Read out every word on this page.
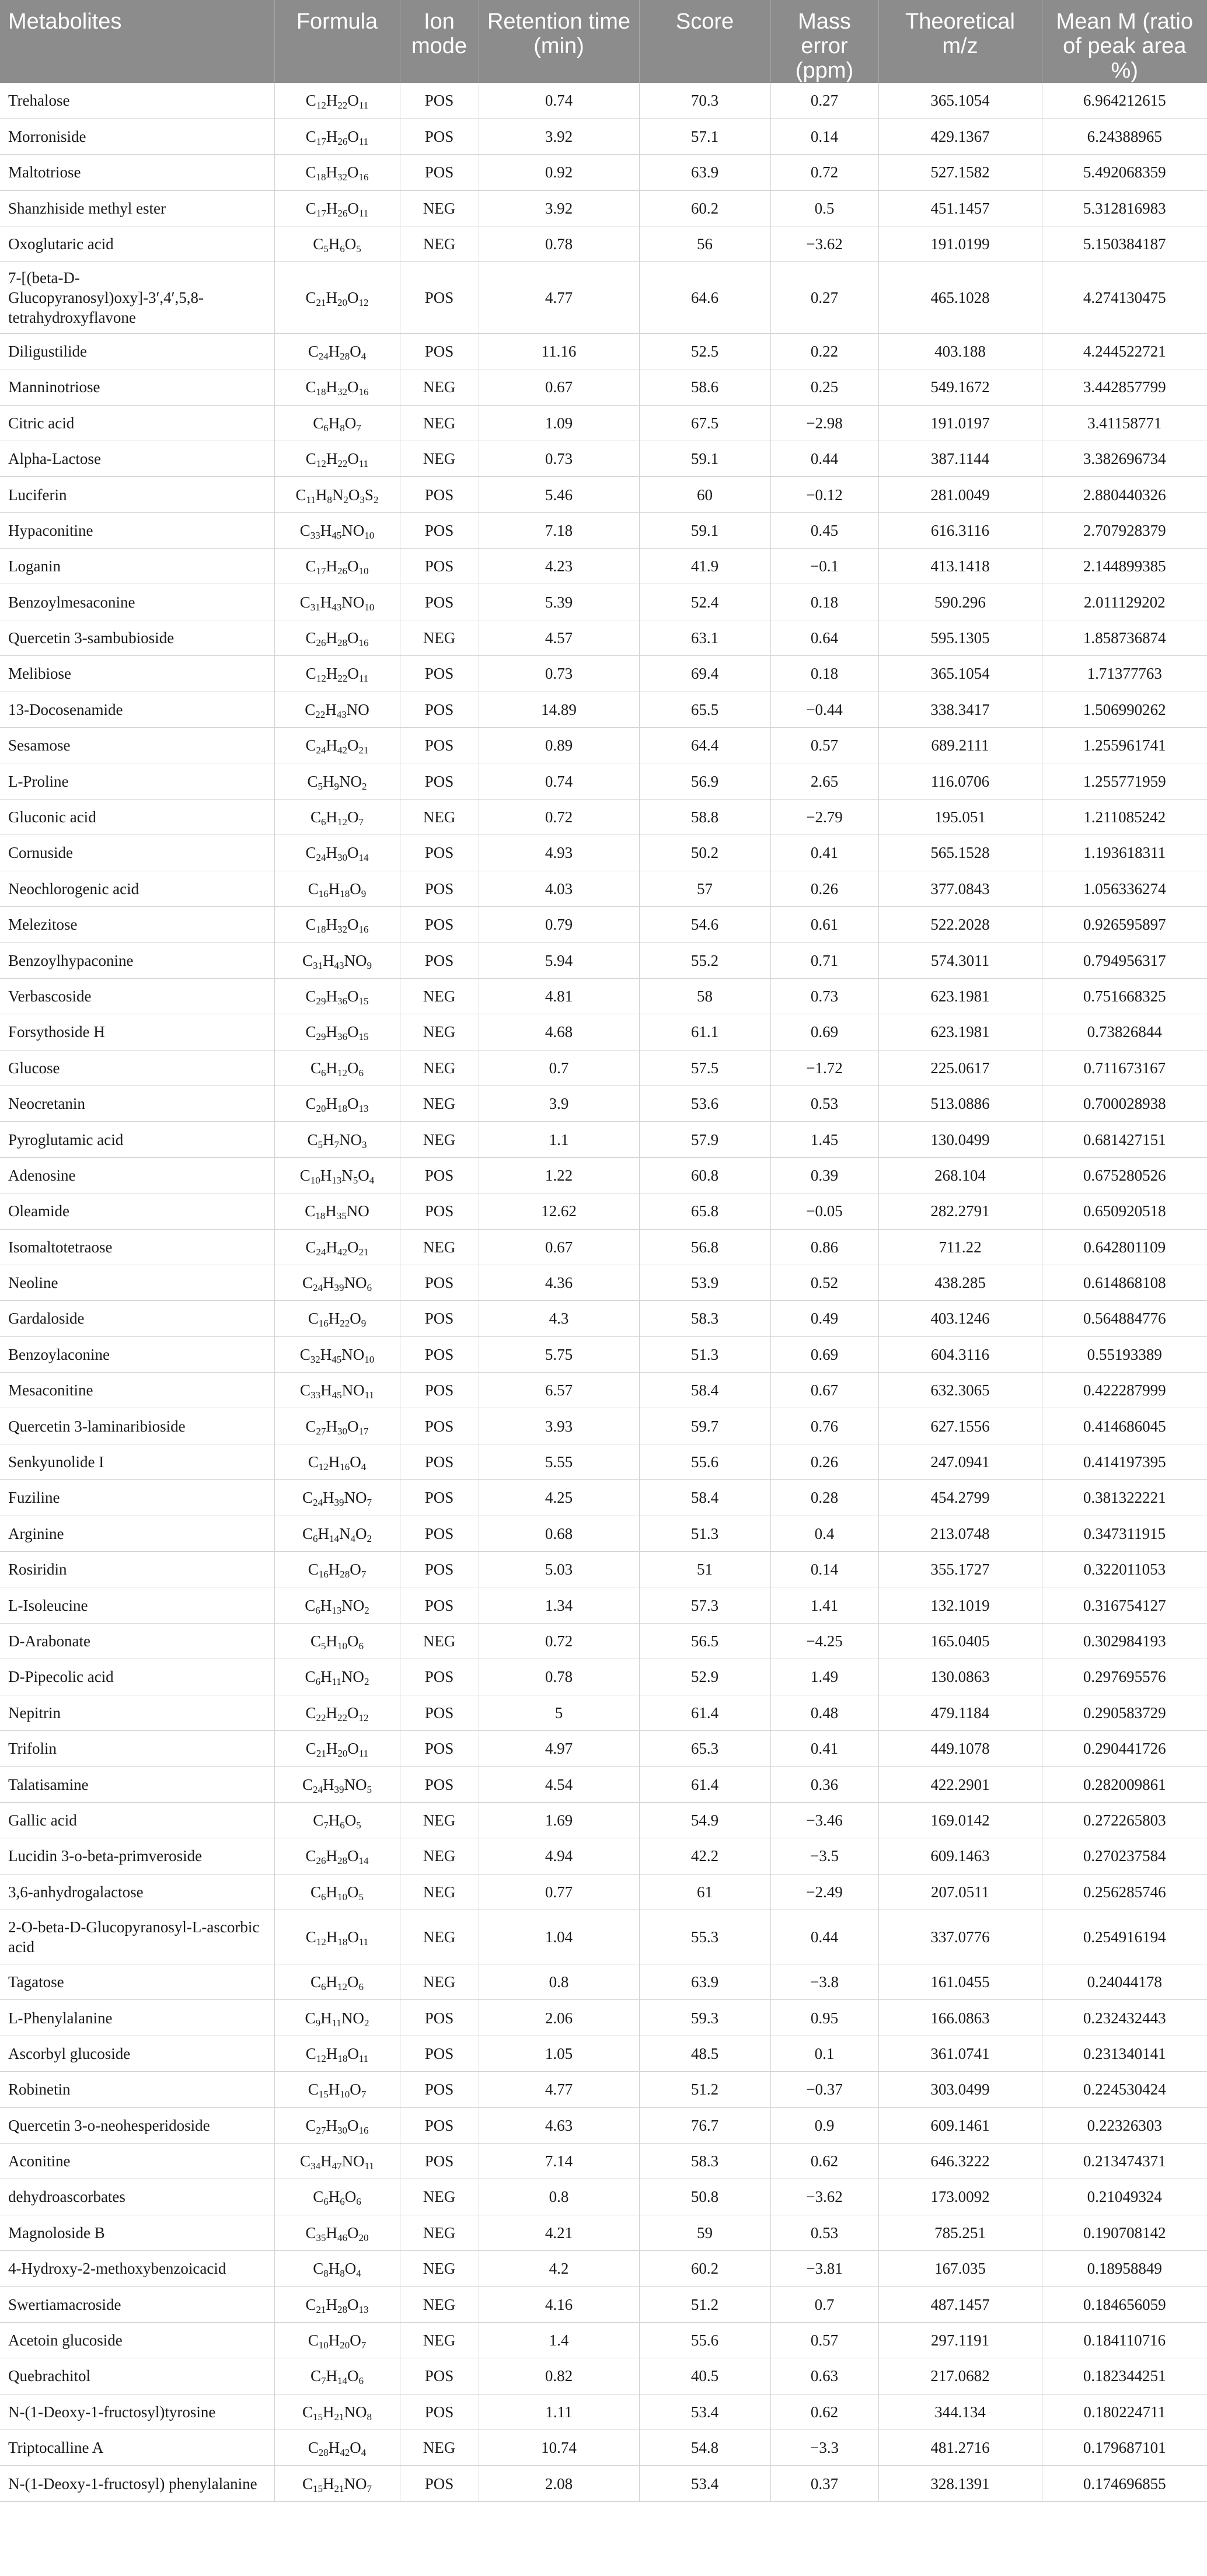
Metabolites	Formula	Ion mode	Retention time (min)	Score	Mass error (ppm)	Theoretical m/z	Mean M (ratio of peak area %)
Trehalose	$C_{12}H_{22}O_{11}$	POS	0.74	70.3	0.27	365.1054	6.964212615
Morroniside	$C_{17}H_{26}O_{11}$	POS	3.92	57.1	0.14	429.1367	6.24388965
Maltotriose	$C_{18}H_{32}O_{16}$	POS	0.92	63.9	0.72	527.1582	5.492068359
Shanzhiside methyl ester	$C_{17}H_{26}O_{11}$	NEG	3.92	60.2	0.5	451.1457	5.312816983
Oxoglutaric acid	$C_5H_6O_5$	NEG	0.78	56	−3.62	191.0199	5.150384187
7-[(beta-D-Glucopyranosyl)oxy]-3′,4′,5,8-tetrahydroxyflavone	$C_{21}H_{20}O_{12}$	POS	4.77	64.6	0.27	465.1028	4.274130475
Diligustilide	$C_{24}H_{28}O_4$	POS	11.16	52.5	0.22	403.188	4.244522721
Manninotriose	$C_{18}H_{32}O_{16}$	NEG	0.67	58.6	0.25	549.1672	3.442857799
Citric acid	$C_6H_8O_7$	NEG	1.09	67.5	−2.98	191.0197	3.41158771
Alpha-Lactose	$C_{12}H_{22}O_{11}$	NEG	0.73	59.1	0.44	387.1144	3.382696734
Luciferin	$C_{11}H_8N_2O_3S_2$	POS	5.46	60	−0.12	281.0049	2.880440326
Hypaconitine	$C_{33}H_{45}NO_{10}$	POS	7.18	59.1	0.45	616.3116	2.707928379
Loganin	$C_{17}H_{26}O_{10}$	POS	4.23	41.9	−0.1	413.1418	2.144899385
Benzoylmesaconine	$C_{31}H_{43}NO_{10}$	POS	5.39	52.4	0.18	590.296	2.011129202
Quercetin 3-sambubioside	$C_{26}H_{28}O_{16}$	NEG	4.57	63.1	0.64	595.1305	1.858736874
Melibiose	$C_{12}H_{22}O_{11}$	POS	0.73	69.4	0.18	365.1054	1.71377763
13-Docosenamide	$C_{22}H_{43}NO$	POS	14.89	65.5	−0.44	338.3417	1.506990262
Sesamose	$C_{24}H_{42}O_{21}$	POS	0.89	64.4	0.57	689.2111	1.255961741
L-Proline	$C_5H_9NO_2$	POS	0.74	56.9	2.65	116.0706	1.255771959
Gluconic acid	$C_6H_{12}O_7$	NEG	0.72	58.8	−2.79	195.051	1.211085242
Cornuside	$C_{24}H_{30}O_{14}$	POS	4.93	50.2	0.41	565.1528	1.193618311
Neochlorogenic acid	$C_{16}H_{18}O_9$	POS	4.03	57	0.26	377.0843	1.056336274
Melezitose	$C_{18}H_{32}O_{16}$	POS	0.79	54.6	0.61	522.2028	0.926595897
Benzoylhypaconine	$C_{31}H_{43}NO_9$	POS	5.94	55.2	0.71	574.3011	0.794956317
Verbascoside	$C_{29}H_{36}O_{15}$	NEG	4.81	58	0.73	623.1981	0.751668325
Forsythoside H	$C_{29}H_{36}O_{15}$	NEG	4.68	61.1	0.69	623.1981	0.73826844
Glucose	$C_6H_{12}O_6$	NEG	0.7	57.5	−1.72	225.0617	0.711673167
Neocretanin	$C_{20}H_{18}O_{13}$	NEG	3.9	53.6	0.53	513.0886	0.700028938
Pyroglutamic acid	$C_5H_7NO_3$	NEG	1.1	57.9	1.45	130.0499	0.681427151
Adenosine	$C_{10}H_{13}N_5O_4$	POS	1.22	60.8	0.39	268.104	0.675280526
Oleamide	$C_{18}H_{35}NO$	POS	12.62	65.8	−0.05	282.2791	0.650920518
Isomaltotetraose	$C_{24}H_{42}O_{21}$	NEG	0.67	56.8	0.86	711.22	0.642801109
Neoline	$C_{24}H_{39}NO_6$	POS	4.36	53.9	0.52	438.285	0.614868108
Gardaloside	$C_{16}H_{22}O_9$	POS	4.3	58.3	0.49	403.1246	0.564884776
Benzoylaconine	$C_{32}H_{45}NO_{10}$	POS	5.75	51.3	0.69	604.3116	0.55193389
Mesaconitine	$C_{33}H_{45}NO_{11}$	POS	6.57	58.4	0.67	632.3065	0.422287999
Quercetin 3-laminaribioside	$C_{27}H_{30}O_{17}$	POS	3.93	59.7	0.76	627.1556	0.414686045
Senkyunolide I	$C_{12}H_{16}O_4$	POS	5.55	55.6	0.26	247.0941	0.414197395
Fuziline	$C_{24}H_{39}NO_7$	POS	4.25	58.4	0.28	454.2799	0.381322221
Arginine	$C_6H_{14}N_4O_2$	POS	0.68	51.3	0.4	213.0748	0.347311915
Rosiridin	$C_{16}H_{28}O_7$	POS	5.03	51	0.14	355.1727	0.322011053
L-Isoleucine	$C_6H_{13}NO_2$	POS	1.34	57.3	1.41	132.1019	0.316754127
D-Arabonate	$C_5H_{10}O_6$	NEG	0.72	56.5	−4.25	165.0405	0.302984193
D-Pipecolic acid	$C_6H_{11}NO_2$	POS	0.78	52.9	1.49	130.0863	0.297695576
Nepitrin	$C_{22}H_{22}O_{12}$	POS	5	61.4	0.48	479.1184	0.290583729
Trifolin	$C_{21}H_{20}O_{11}$	POS	4.97	65.3	0.41	449.1078	0.290441726
Talatisamine	$C_{24}H_{39}NO_5$	POS	4.54	61.4	0.36	422.2901	0.282009861
Gallic acid	$C_7H_6O_5$	NEG	1.69	54.9	−3.46	169.0142	0.272265803
Lucidin 3-o-beta-primveroside	$C_{26}H_{28}O_{14}$	NEG	4.94	42.2	−3.5	609.1463	0.270237584
3,6-anhydrogalactose	$C_6H_{10}O_5$	NEG	0.77	61	−2.49	207.0511	0.256285746
2-O-beta-D-Glucopyranosyl-L-ascorbic acid	$C_{12}H_{18}O_{11}$	NEG	1.04	55.3	0.44	337.0776	0.254916194
Tagatose	$C_6H_{12}O_6$	NEG	0.8	63.9	−3.8	161.0455	0.24044178
L-Phenylalanine	$C_9H_{11}NO_2$	POS	2.06	59.3	0.95	166.0863	0.232432443
Ascorbyl glucoside	$C_{12}H_{18}O_{11}$	POS	1.05	48.5	0.1	361.0741	0.231340141
Robinetin	$C_{15}H_{10}O_7$	POS	4.77	51.2	−0.37	303.0499	0.224530424
Quercetin 3-o-neohesperidoside	$C_{27}H_{30}O_{16}$	POS	4.63	76.7	0.9	609.1461	0.22326303
Aconitine	$C_{34}H_{47}NO_{11}$	POS	7.14	58.3	0.62	646.3222	0.213474371
dehydroascorbates	$C_6H_6O_6$	NEG	0.8	50.8	−3.62	173.0092	0.21049324
Magnoloside B	$C_{35}H_{46}O_{20}$	NEG	4.21	59	0.53	785.251	0.190708142
4-Hydroxy-2-methoxybenzoicacid	$C_8H_8O_4$	NEG	4.2	60.2	−3.81	167.035	0.18958849
Swertiamacroside	$C_{21}H_{28}O_{13}$	NEG	4.16	51.2	0.7	487.1457	0.184656059
Acetoin glucoside	$C_{10}H_{20}O_7$	NEG	1.4	55.6	0.57	297.1191	0.184110716
Quebrachitol	$C_7H_{14}O_6$	POS	0.82	40.5	0.63	217.0682	0.182344251
N-(1-Deoxy-1-fructosyl)tyrosine	$C_{15}H_{21}NO_8$	POS	1.11	53.4	0.62	344.134	0.180224711
Triptocalline A	$C_{28}H_{42}O_4$	NEG	10.74	54.8	−3.3	481.2716	0.179687101
N-(1-Deoxy-1-fructosyl) phenylalanine	$C_{15}H_{21}NO_7$	POS	2.08	53.4	0.37	328.1391	0.174696855
